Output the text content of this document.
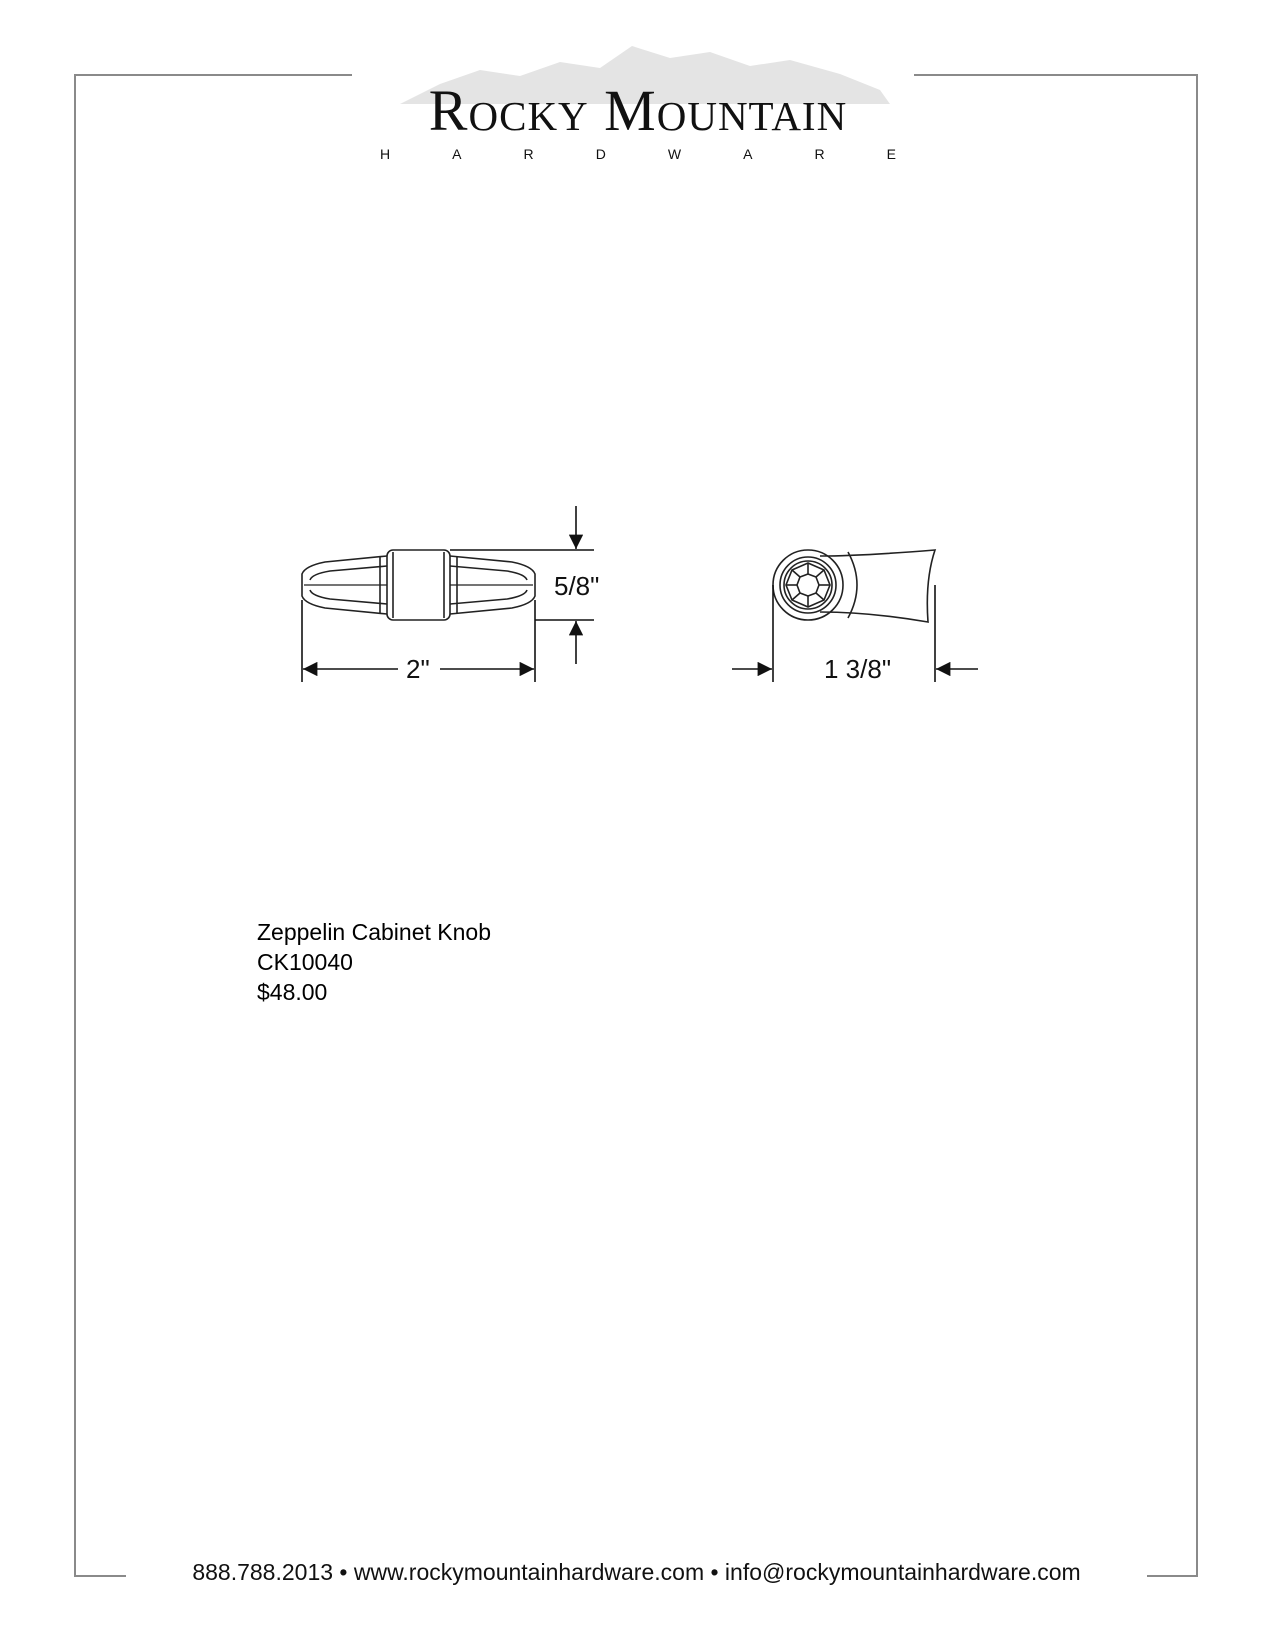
Rocky Mountain
H	A	R	D	W	A	R	E
5/8"
2"	1 3/8"
Zeppelin Cabinet Knob
CK10040
$48.00
888.788.2013 • www.rockymountainhardware.com • info@rockymountainhardware.com
